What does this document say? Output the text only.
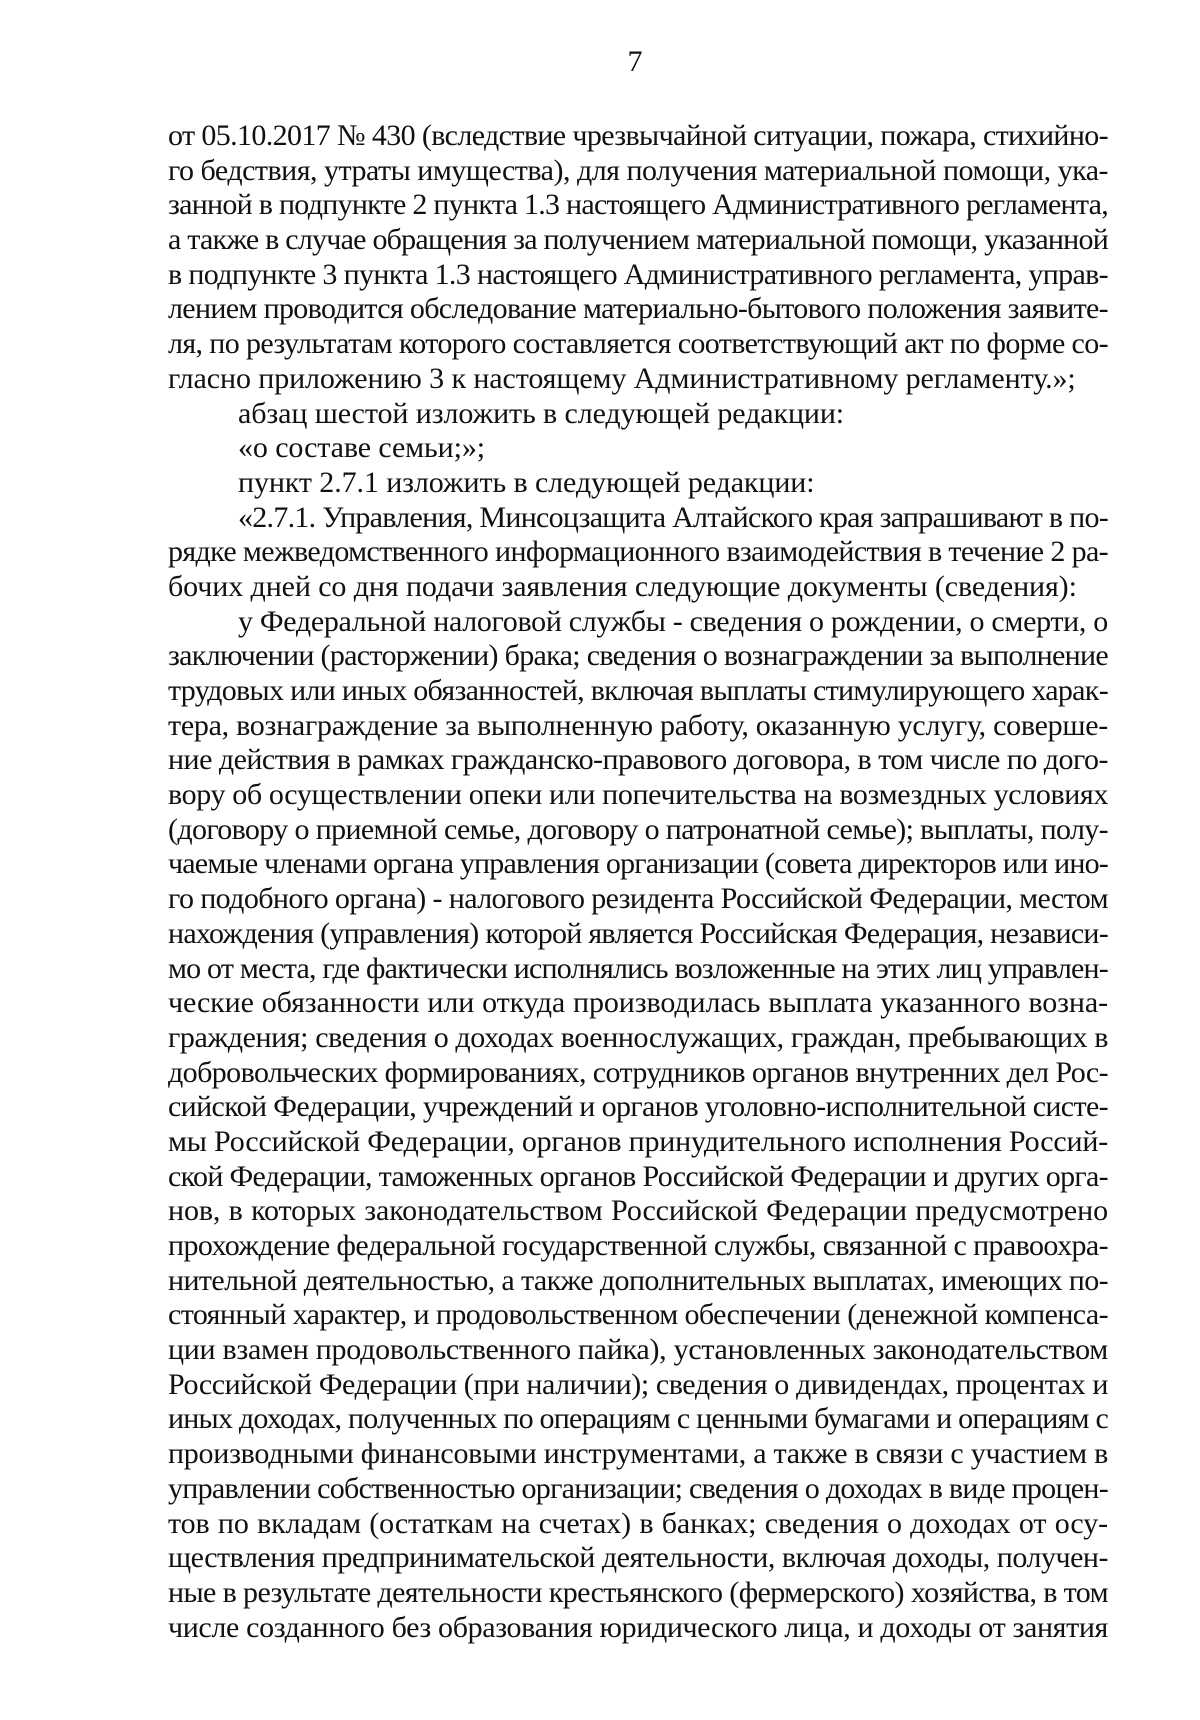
7
от 05.10.2017 № 430 (вследствие чрезвычайной ситуации, пожара, стихийно-
го бедствия, утраты имущества), для получения материальной помощи, ука-
занной в подпункте 2 пункта 1.3 настоящего Административного регламента,
а также в случае обращения за получением материальной помощи, указанной
в подпункте 3 пункта 1.3 настоящего Административного регламента, управ-
лением проводится обследование материально-бытового положения заявите-
ля, по результатам которого составляется соответствующий акт по форме со-
гласно приложению 3 к настоящему Административному регламенту.»;
абзац шестой изложить в следующей редакции:
«о составе семьи;»;
пункт 2.7.1 изложить в следующей редакции:
«2.7.1. Управления, Минсоцзащита Алтайского края запрашивают в по-
рядке межведомственного информационного взаимодействия в течение 2 ра-
бочих дней со дня подачи заявления следующие документы (сведения):
у Федеральной налоговой службы - сведения о рождении, о смерти, о
заключении (расторжении) брака; сведения о вознаграждении за выполнение
трудовых или иных обязанностей, включая выплаты стимулирующего харак-
тера, вознаграждение за выполненную работу, оказанную услугу, соверше-
ние действия в рамках гражданско-правового договора, в том числе по дого-
вору об осуществлении опеки или попечительства на возмездных условиях
(договору о приемной семье, договору о патронатной семье); выплаты, полу-
чаемые членами органа управления организации (совета директоров или ино-
го подобного органа) - налогового резидента Российской Федерации, местом
нахождения (управления) которой является Российская Федерация, независи-
мо от места, где фактически исполнялись возложенные на этих лиц управлен-
ческие обязанности или откуда производилась выплата указанного возна-
граждения; сведения о доходах военнослужащих, граждан, пребывающих в
добровольческих формированиях, сотрудников органов внутренних дел Рос-
сийской Федерации, учреждений и органов уголовно-исполнительной систе-
мы Российской Федерации, органов принудительного исполнения Россий-
ской Федерации, таможенных органов Российской Федерации и других орга-
нов, в которых законодательством Российской Федерации предусмотрено
прохождение федеральной государственной службы, связанной с правоохра-
нительной деятельностью, а также дополнительных выплатах, имеющих по-
стоянный характер, и продовольственном обеспечении (денежной компенса-
ции взамен продовольственного пайка), установленных законодательством
Российской Федерации (при наличии); сведения о дивидендах, процентах и
иных доходах, полученных по операциям с ценными бумагами и операциям с
производными финансовыми инструментами, а также в связи с участием в
управлении собственностью организации; сведения о доходах в виде процен-
тов по вкладам (остаткам на счетах) в банках; сведения о доходах от осу-
ществления предпринимательской деятельности, включая доходы, получен-
ные в результате деятельности крестьянского (фермерского) хозяйства, в том
числе созданного без образования юридического лица, и доходы от занятия
